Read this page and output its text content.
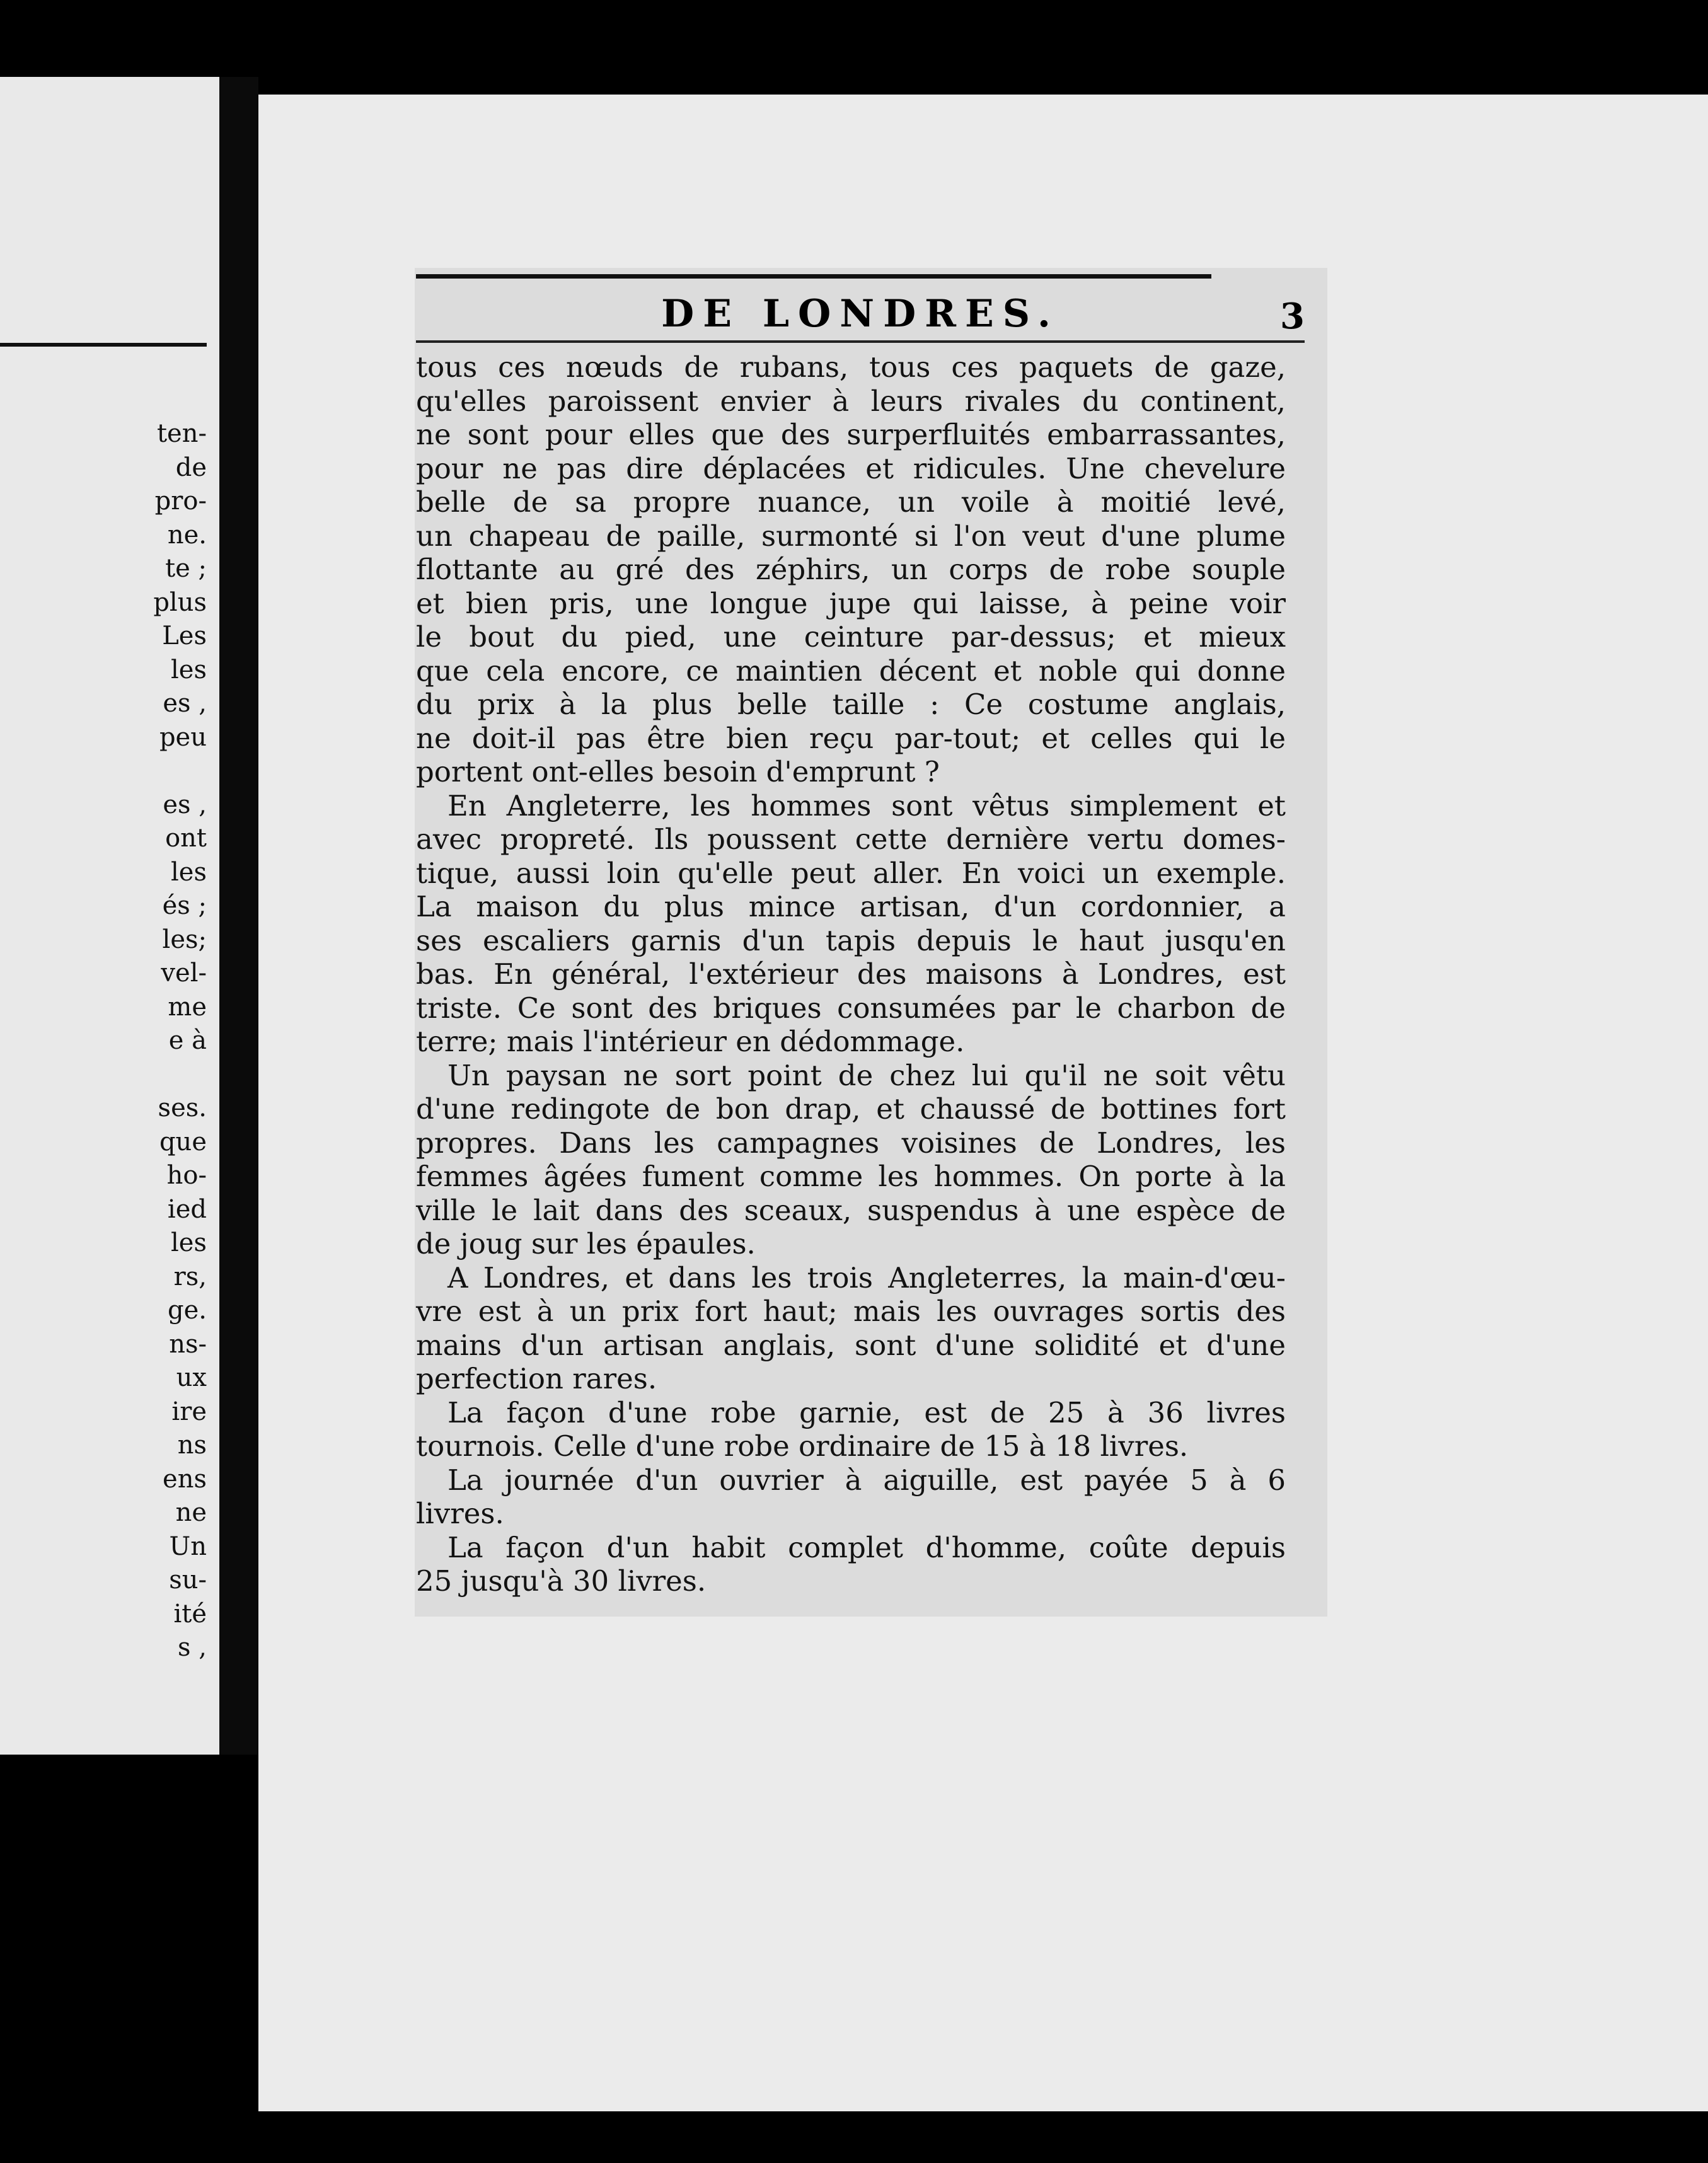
ten-
de
pro-
ne.
te ;
plus
Les
les
es ,
peu
es ,
ont
les
és ;
les;
vel-
me
e à
ses.
que
ho-
ied
les
rs,
ge.
ns-
ux
ire
ns
ens
ne
Un
su-
ité
s ,
DE LONDRES.	3
tous ces nœuds de rubans, tous ces paquets de gaze,
qu'elles paroissent envier à leurs rivales du continent,
ne sont pour elles que des surperfluités embarrassantes,
pour ne pas dire déplacées et ridicules. Une chevelure
belle de sa propre nuance, un voile à moitié levé,
un chapeau de paille, surmonté si l'on veut d'une plume
flottante au gré des zéphirs, un corps de robe souple
et bien pris, une longue jupe qui laisse, à peine voir
le bout du pied, une ceinture par-dessus; et mieux
que cela encore, ce maintien décent et noble qui donne
du prix à la plus belle taille : Ce costume anglais,
ne doit-il pas être bien reçu par-tout; et celles qui le
portent ont-elles besoin d'emprunt ?
En Angleterre, les hommes sont vêtus simplement et
avec propreté. Ils poussent cette dernière vertu domes-
tique, aussi loin qu'elle peut aller. En voici un exemple.
La maison du plus mince artisan, d'un cordonnier, a
ses escaliers garnis d'un tapis depuis le haut jusqu'en
bas. En général, l'extérieur des maisons à Londres, est
triste. Ce sont des briques consumées par le charbon de
terre; mais l'intérieur en dédommage.
Un paysan ne sort point de chez lui qu'il ne soit vêtu
d'une redingote de bon drap, et chaussé de bottines fort
propres. Dans les campagnes voisines de Londres, les
femmes âgées fument comme les hommes. On porte à la
ville le lait dans des sceaux, suspendus à une espèce de
de joug sur les épaules.
A Londres, et dans les trois Angleterres, la main-d'œu-
vre est à un prix fort haut; mais les ouvrages sortis des
mains d'un artisan anglais, sont d'une solidité et d'une
perfection rares.
La façon d'une robe garnie, est de 25 à 36 livres
tournois. Celle d'une robe ordinaire de 15 à 18 livres.
La journée d'un ouvrier à aiguille, est payée 5 à 6
livres.
La façon d'un habit complet d'homme, coûte depuis
25 jusqu'à 30 livres.
